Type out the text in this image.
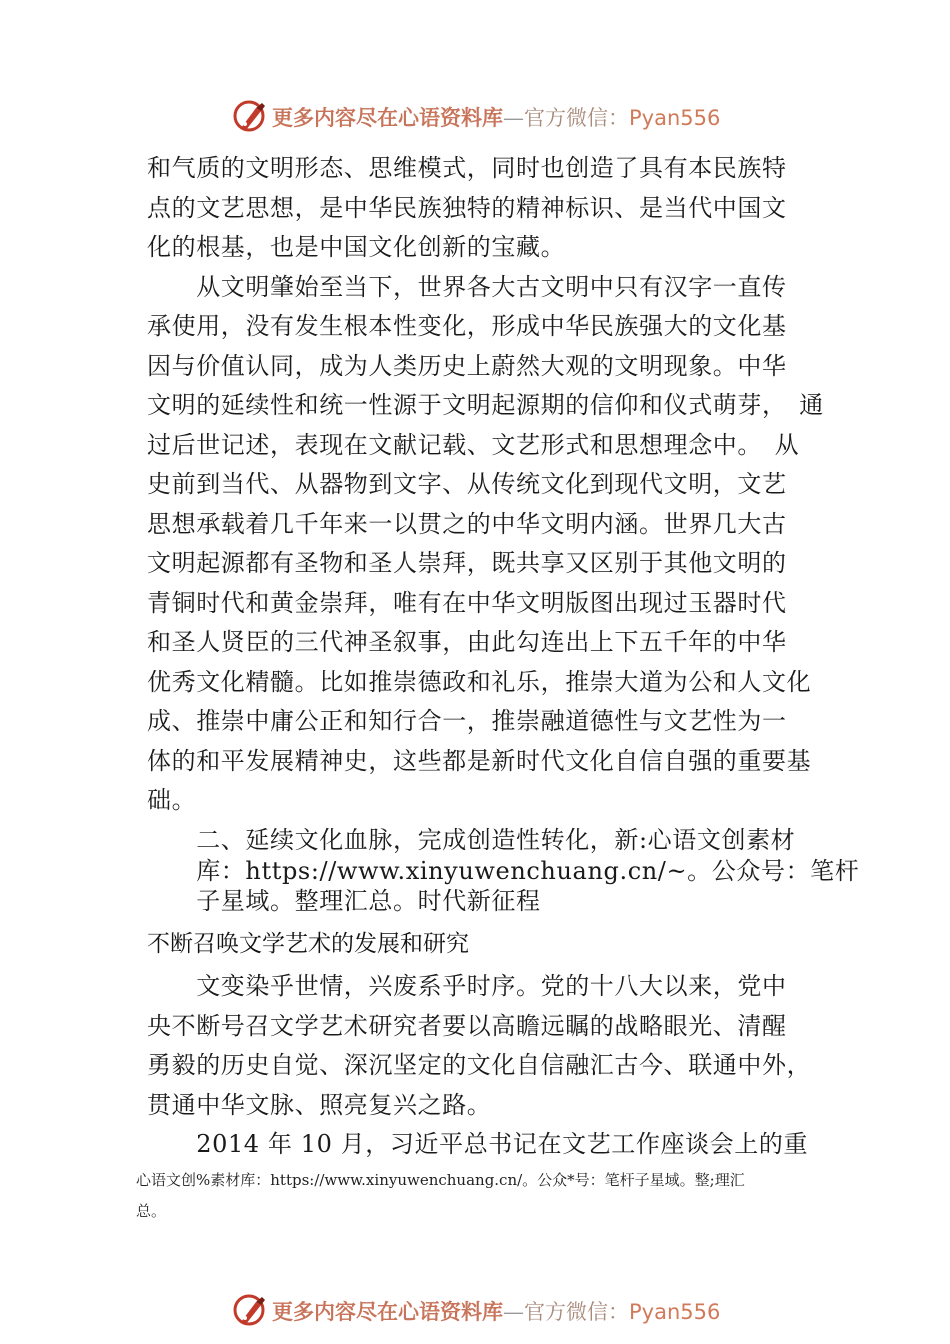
更多内容尽在心语资料库—官方微信：Pyan556
和气质的文明形态、思维模式，同时也创造了具有本民族特
点的文艺思想，是中华民族独特的精神标识、是当代中国文
化的根基，也是中国文化创新的宝藏。
　　从文明肇始至当下，世界各大古文明中只有汉字一直传
承使用，没有发生根本性变化，形成中华民族强大的文化基
因与价值认同，成为人类历史上蔚然大观的文明现象。中华
文明的延续性和统一性源于文明起源期的信仰和仪式萌芽，　通
过后世记述，表现在文献记载、文艺形式和思想理念中。　从
史前到当代、从器物到文字、从传统文化到现代文明，文艺
思想承载着几千年来一以贯之的中华文明内涵。世界几大古
文明起源都有圣物和圣人崇拜，既共享又区别于其他文明的
青铜时代和黄金崇拜，唯有在中华文明版图出现过玉器时代
和圣人贤臣的三代神圣叙事，由此勾连出上下五千年的中华
优秀文化精髓。比如推崇德政和礼乐，推崇大道为公和人文化
成、推崇中庸公正和知行合一，推崇融道德性与文艺性为一
体的和平发展精神史，这些都是新时代文化自信自强的重要基
础。
　　二、延续文化血脉，完成创造性转化，新:心语文创素材
　　库：https://www.xinyuwenchuang.cn/~。公众号：笔杆
　　子星域。整理汇总。时代新征程
不断召唤文学艺术的发展和研究
　　文变染乎世情，兴废系乎时序。党的十八大以来，党中
央不断号召文学艺术研究者要以高瞻远瞩的战略眼光、清醒
勇毅的历史自觉、深沉坚定的文化自信融汇古今、联通中外，
贯通中华文脉、照亮复兴之路。
　　2014 年 10 月，习近平总书记在文艺工作座谈会上的重
心语文创%素材库：https://www.xinyuwenchuang.cn/。公众*号：笔杆子星域。整;理汇
总。
更多内容尽在心语资料库—官方微信：Pyan556
